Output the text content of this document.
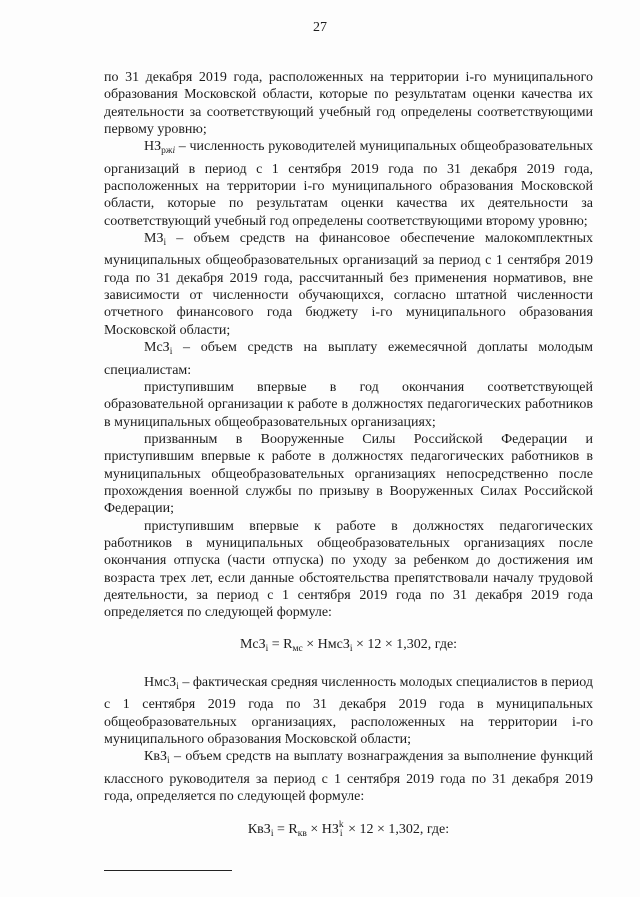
27

по 31 декабря 2019 года, расположенных на территории i-го муниципального образования Московской области, которые по результатам оценки качества их деятельности за соответствующий учебный год определены соответствующими первому уровню;

$НЗ_{ржi}$ – численность руководителей муниципальных общеобразовательных организаций в период с 1 сентября 2019 года по 31 декабря 2019 года, расположенных на территории i-го муниципального образования Московской области, которые по результатам оценки качества их деятельности за соответствующий учебный год определены соответствующими второму уровню;

$МЗ_i$ – объем средств на финансовое обеспечение малокомплектных муниципальных общеобразовательных организаций за период с 1 сентября 2019 года по 31 декабря 2019 года, рассчитанный без применения нормативов, вне зависимости от численности обучающихся, согласно штатной численности отчетного финансового года бюджету i-го муниципального образования Московской области;

МсЗ$_i$ – объем средств на выплату ежемесячной доплаты молодым специалистам:

приступившим впервые в год окончания соответствующей образовательной организации к работе в должностях педагогических работников в муниципальных общеобразовательных организациях;

призванным в Вооруженные Силы Российской Федерации и приступившим впервые к работе в должностях педагогических работников в муниципальных общеобразовательных организациях непосредственно после прохождения военной службы по призыву в Вооруженных Силах Российской Федерации;

приступившим впервые к работе в должностях педагогических работников в муниципальных общеобразовательных организациях после окончания отпуска (части отпуска) по уходу за ребенком до достижения им возраста трех лет, если данные обстоятельства препятствовали началу трудовой деятельности, за период с 1 сентября 2019 года по 31 декабря 2019 года определяется по следующей формуле:

$МсЗ_i = R_{мс}$ × НмсЗ$_i$ × 12 × 1,302, где:

НмсЗ$_i$ – фактическая средняя численность молодых специалистов в период с 1 сентября 2019 года по 31 декабря 2019 года в муниципальных общеобразовательных организациях, расположенных на территории i-го муниципального образования Московской области;

КвЗ$_i$ – объем средств на выплату вознаграждения за выполнение функций классного руководителя за период с 1 сентября 2019 года по 31 декабря 2019 года, определяется по следующей формуле:

$КвЗ_i = R_{кв}$ × НЗ k
i × 12 × 1,302, где:
